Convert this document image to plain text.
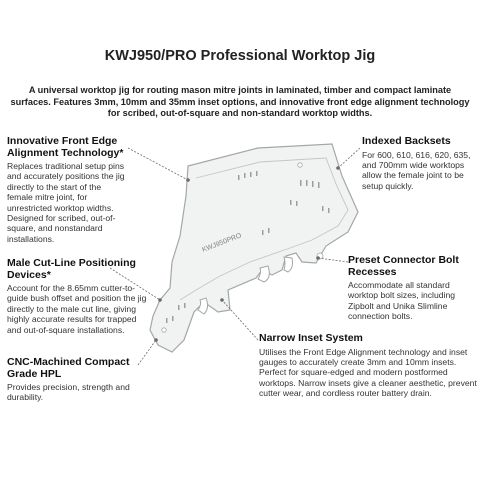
KWJ950/PRO Professional Worktop Jig
A universal worktop jig for routing mason mitre joints in laminated, timber and compact laminate surfaces. Features 3mm, 10mm and 35mm inset options, and innovative front edge alignment technology for scribed, out-of-square and non-standard worktop widths.
KWJ950PRO
Innovative Front Edge Alignment Technology*
Replaces traditional setup pins and accurately positions the jig directly to the start of the female mitre joint, for unrestricted worktop widths. Designed for scribed, out-of-square, and nonstandard installations.
Male Cut-Line Positioning Devices*
Account for the 8.65mm cutter-to-guide bush offset and position the jig directly to the male cut line, giving highly accurate results for trapped and out-of-square installations.
CNC-Machined Compact Grade HPL
Provides precision, strength and durability.
Indexed Backsets
For 600, 610, 616, 620, 635, and 700mm wide worktops allow the female joint to be setup quickly.
Preset Connector Bolt Recesses
Accommodate all standard worktop bolt sizes, including Zipbolt and Unika Slimline connection bolts.
Narrow Inset System
Utilises the Front Edge Alignment technology and inset gauges to accurately create 3mm and 10mm insets. Perfect for square-edged and modern postformed worktops. Narrow insets give a cleaner aesthetic, prevent cutter wear, and cordless router battery drain.
